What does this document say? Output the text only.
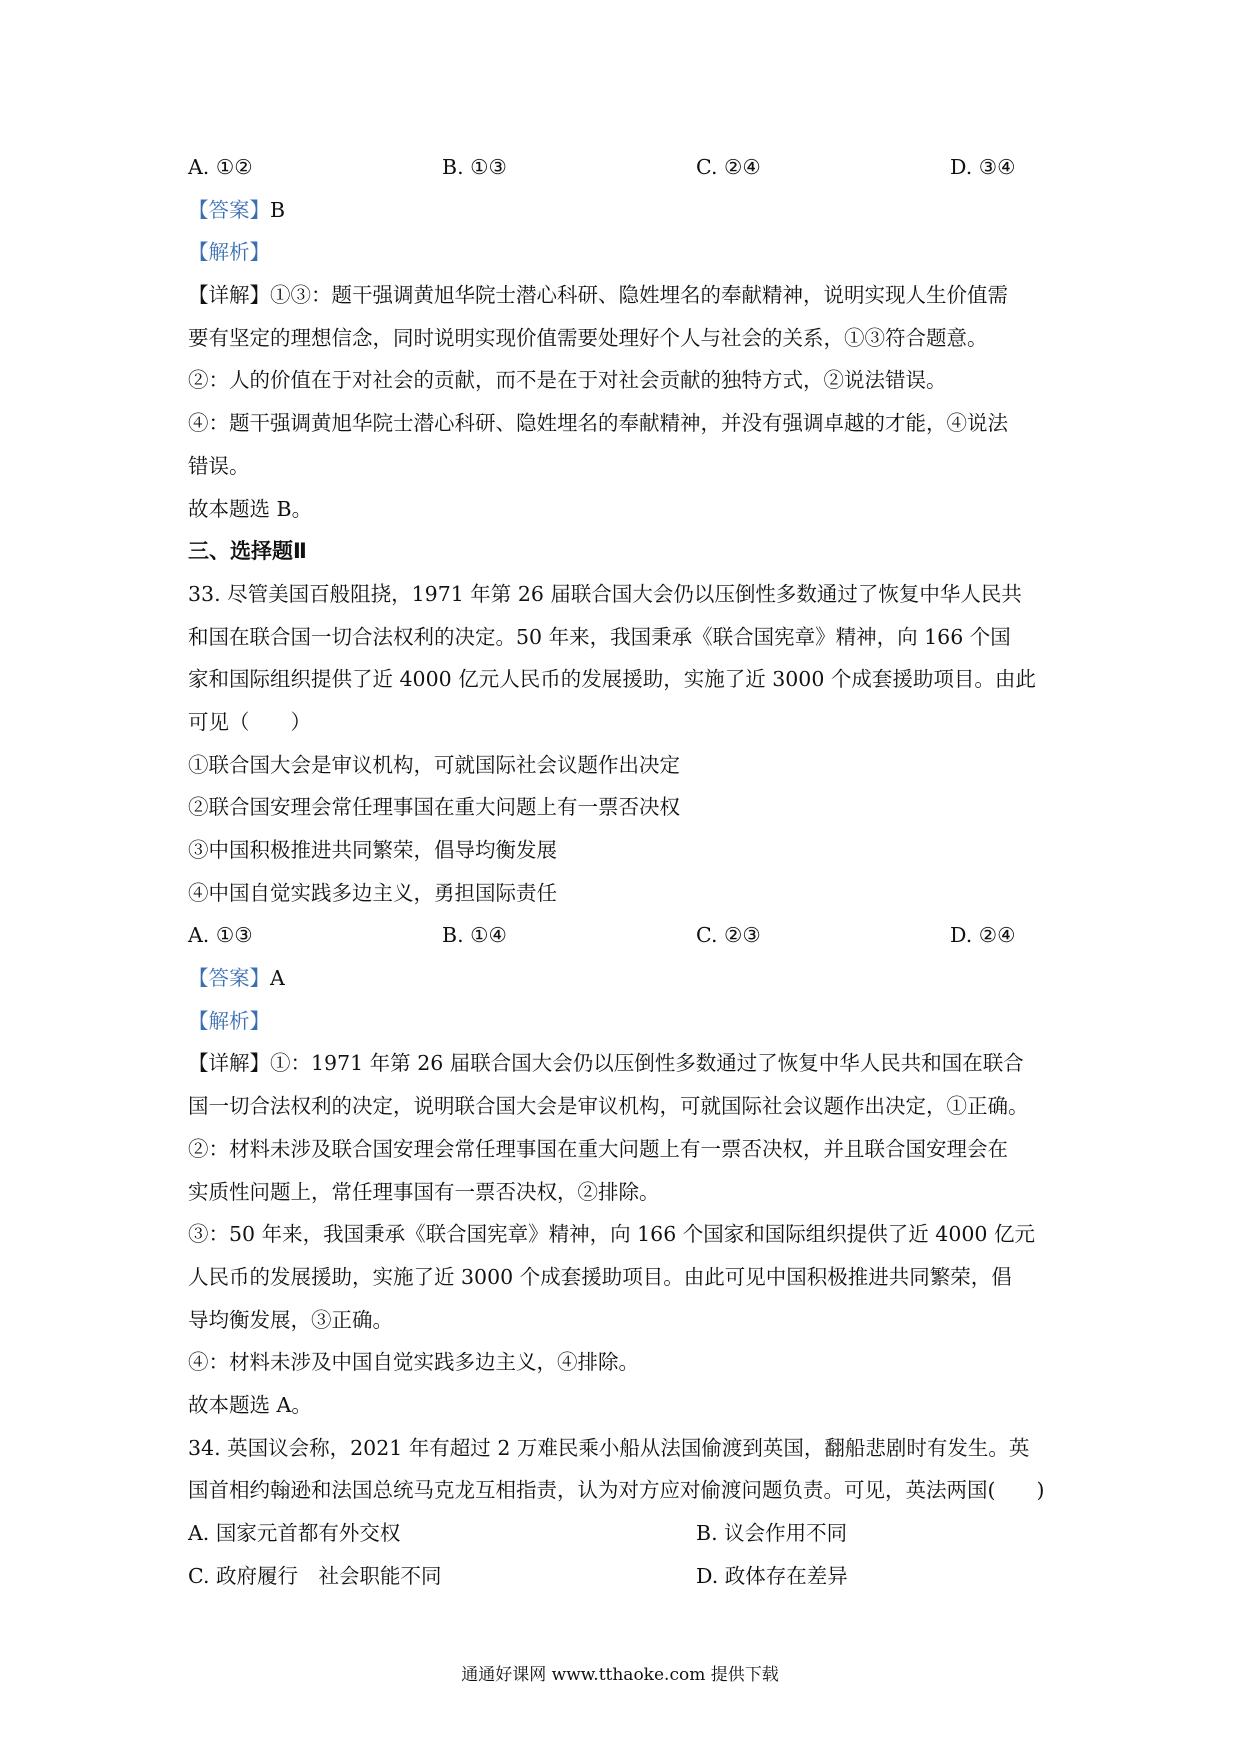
A. ①②	B. ①③	C. ②④	D. ③④
【答案】B
【解析】
【详解】①③：题干强调黄旭华院士潜心科研、隐姓埋名的奉献精神，说明实现人生价值需
要有坚定的理想信念，同时说明实现价值需要处理好个人与社会的关系，①③符合题意。
②：人的价值在于对社会的贡献，而不是在于对社会贡献的独特方式，②说法错误。
④：题干强调黄旭华院士潜心科研、隐姓埋名的奉献精神，并没有强调卓越的才能，④说法
错误。
故本题选 B。
三、选择题Ⅱ
33. 尽管美国百般阻挠，1971 年第 26 届联合国大会仍以压倒性多数通过了恢复中华人民共
和国在联合国一切合法权利的决定。50 年来，我国秉承《联合国宪章》精神，向 166 个国
家和国际组织提供了近 4000 亿元人民币的发展援助，实施了近 3000 个成套援助项目。由此
可见（　　）
①联合国大会是审议机构，可就国际社会议题作出决定
②联合国安理会常任理事国在重大问题上有一票否决权
③中国积极推进共同繁荣，倡导均衡发展
④中国自觉实践多边主义，勇担国际责任
A. ①③	B. ①④	C. ②③	D. ②④
【答案】A
【解析】
【详解】①：1971 年第 26 届联合国大会仍以压倒性多数通过了恢复中华人民共和国在联合
国一切合法权利的决定，说明联合国大会是审议机构，可就国际社会议题作出决定，①正确。
②：材料未涉及联合国安理会常任理事国在重大问题上有一票否决权，并且联合国安理会在
实质性问题上，常任理事国有一票否决权，②排除。
③：50 年来，我国秉承《联合国宪章》精神，向 166 个国家和国际组织提供了近 4000 亿元
人民币的发展援助，实施了近 3000 个成套援助项目。由此可见中国积极推进共同繁荣，倡
导均衡发展，③正确。
④：材料未涉及中国自觉实践多边主义，④排除。
故本题选 A。
34. 英国议会称，2021 年有超过 2 万难民乘小船从法国偷渡到英国，翻船悲剧时有发生。英
国首相约翰逊和法国总统马克龙互相指责，认为对方应对偷渡问题负责。可见，英法两国(　　)
A. 国家元首都有外交权	B. 议会作用不同
C. 政府履行　社会职能不同	D. 政体存在差异
通通好课网 www.tthaoke.com 提供下载
